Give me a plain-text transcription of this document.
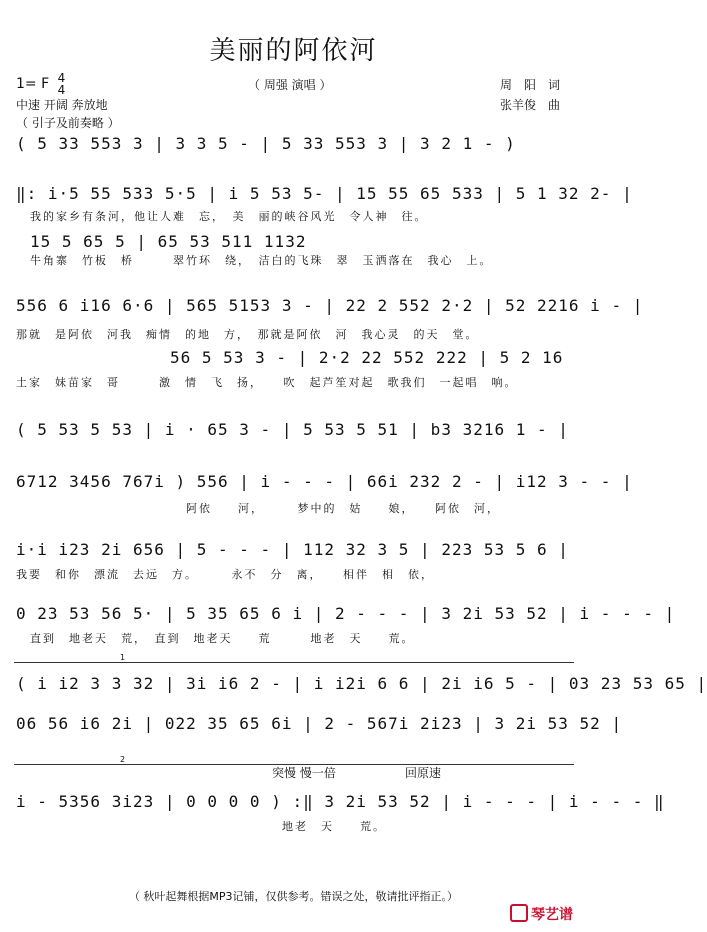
美丽的阿依河
1= F 4
4	（ 周强 演唱 ）	周　阳　词
张羊俊　曲
中速 开阔 奔放地
（ 引子及前奏略 ）
( 5 33 553 3 | 3 3 5 - | 5 33 553 3 | 3 2 1 - )
‖: i·5 55 533 5·5 | i 5 53 5- | 15 55 65 533 | 5 1 32 2- |
我的家乡有条河，他让人难　忘，　美　丽的峡谷风光　令人神　往。
15 5 65 5 | 65 53 511 1132
牛角寨　竹板　桥　　　翠竹环　绕，　洁白的飞珠　翠　玉洒落在　我心　上。
556 6 i16 6·6 | 565 5153 3 - | 22 2 552 2·2 | 52 2216 i - |
那就　是阿依　河我　痴情　的地　方，　那就是阿依　河　我心灵　的天　堂。
56 5 53 3 - | 2·2 22 552 222 | 5 2 16
土家　妹苗家　哥　　　激　情　飞　扬，　　吹　起芦笙对起　歌我们　一起唱　响。
( 5 53 5 53 | i · 65 3 - | 5 53 5 51 | b3 3216 1 - |
6712 3456 767i ) 556 | i - - - | 66i 232 2 - | i12 3 - - |
阿依　　河，　　　梦中的　姑　　娘，　　阿依　河，
i·i i23 2i 656 | 5 - - - | 112 32 3 5 | 223 53 5 6 |
我要　和你　漂流　去远　方。　　　永不　分　离，　　相伴　相　依，
0 23 53 56 5· | 5 35 65 6 i | 2 - - - | 3 2i 53 52 | i - - - |
直到　地老天　荒，　直到　地老天　　荒　　　地老　天　　荒。
1
( i i2 3 3 32 | 3i i6 2 - | i i2i 6 6 | 2i i6 5 - | 03 23 53 65 |
06 56 i6 2i | 022 35 65 6i | 2 - 567i 2i23 | 3 2i 53 52 |
2
突慢 慢一倍	回原速
i - 5356 3i23 | 0 0 0 0 ) :‖ 3 2i 53 52 | i - - - | i - - - ‖
地老　天　　荒。
（ 秋叶起舞根据MP3记铺，仅供参考。错误之处，敬请批评指正。）
琴艺谱
